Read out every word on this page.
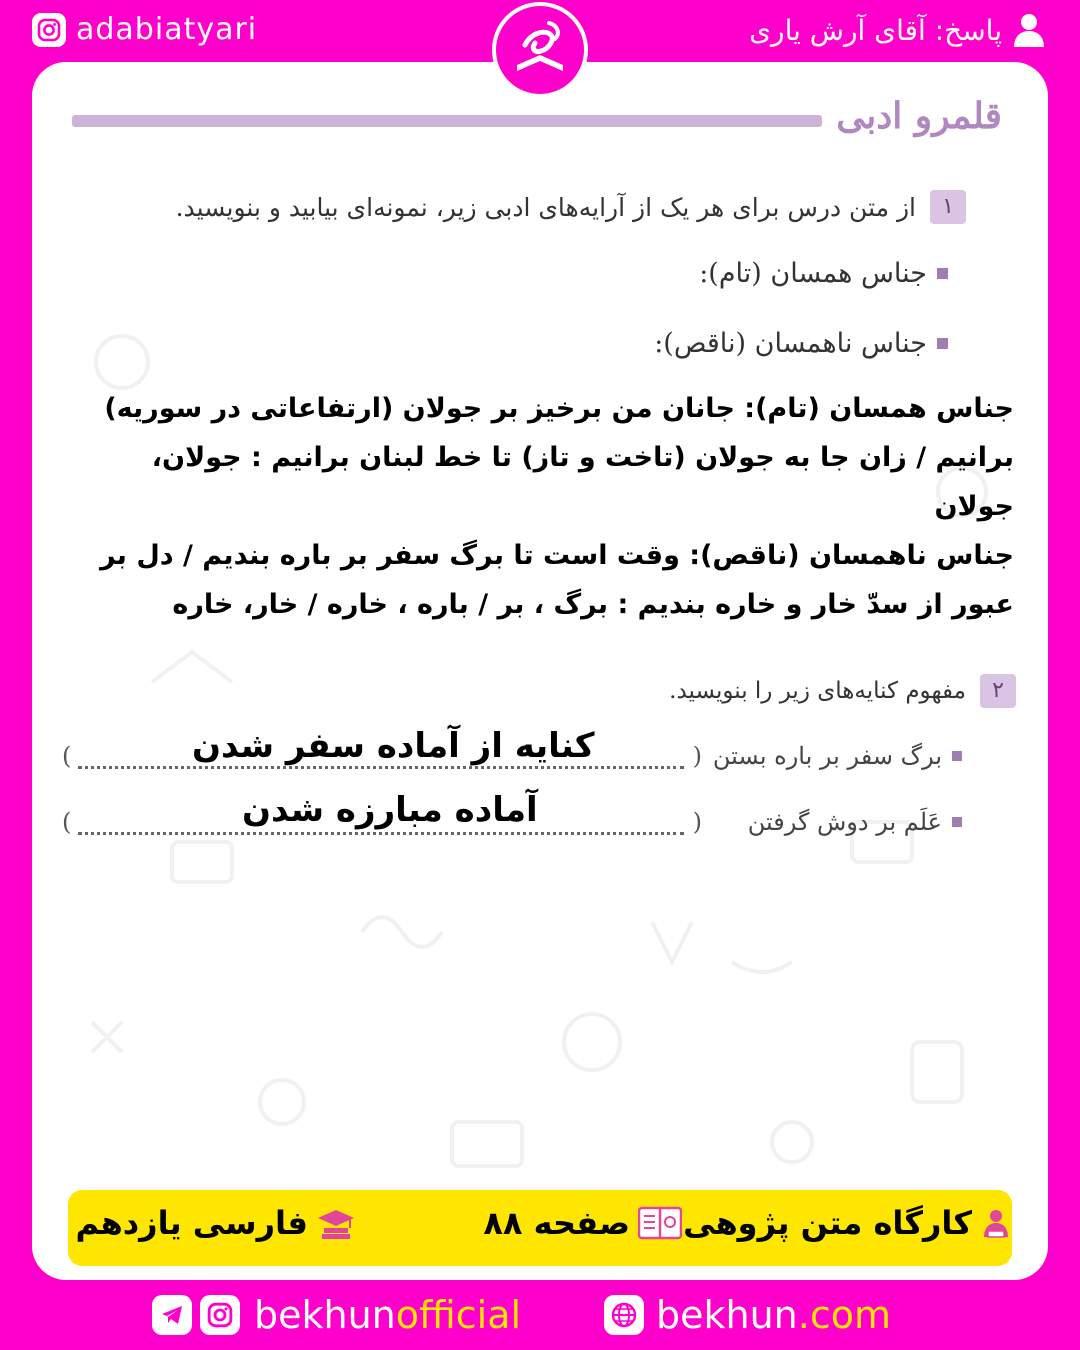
adabiatyari	پاسخ: آقای آرش یاری
قلمرو ادبی
۱
از متن درس برای هر یک از آرایه‌های ادبی زیر، نمونه‌ای بیابید و بنویسید.
جناس همسان (تام):
جناس ناهمسان (ناقص):
جناس همسان (تام): جانان من برخیز بر جولان (ارتفاعاتی در سوریه)
برانیم / زان جا به جولان (تاخت و تاز) تا خط لبنان برانیم : جولان،
جولان
جناس ناهمسان (ناقص): وقت است تا برگ سفر بر باره بندیم / دل بر
عبور از سدّ خار و خاره بندیم : برگ ، بر / باره ، خاره / خار، خاره
۲
مفهوم کنایه‌های زیر را بنویسید.
برگ سفر بر باره بستن
(
)	کنایه از آماده سفر شدن
عَلَم بر دوش گرفتن
(
)	آماده مبارزه شدن
کارگاه متن پژوهی
صفحه ۸۸
فارسی یازدهم
bekhunofficial	bekhun.com
